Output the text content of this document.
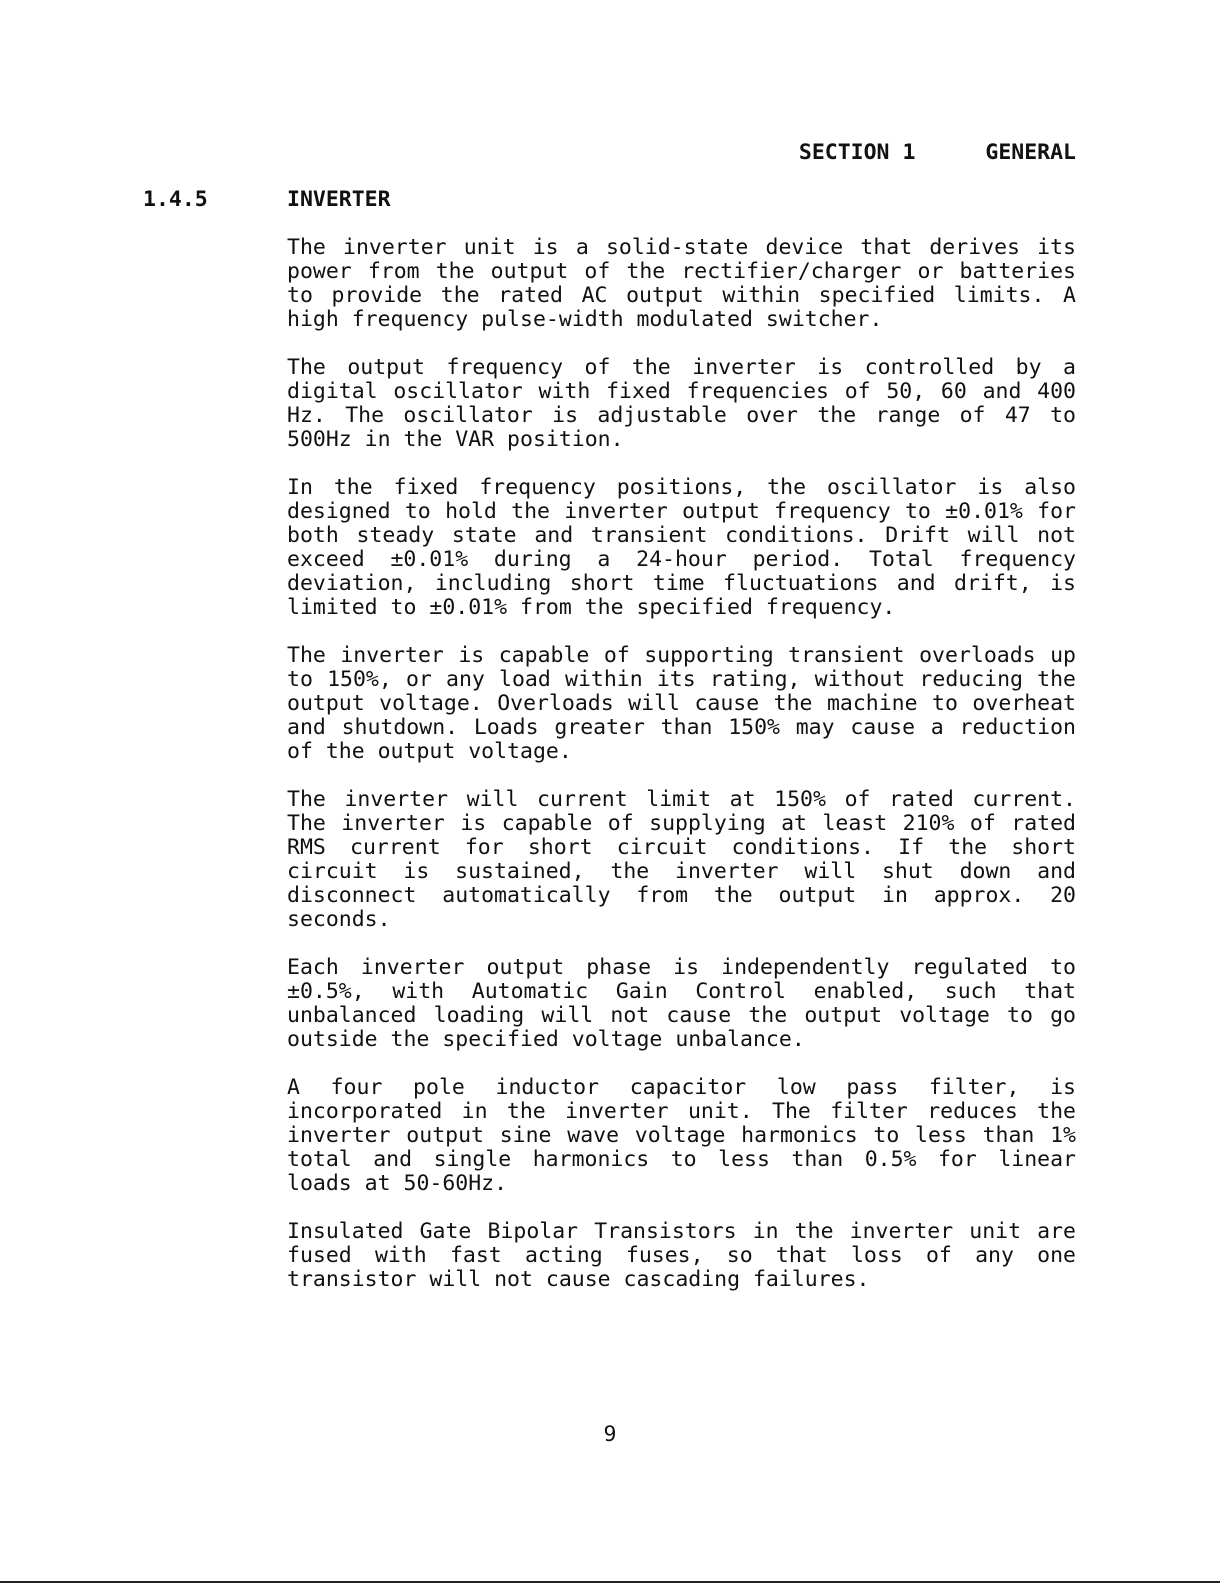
SECTION 1	GENERAL
1.4.5	INVERTER

The inverter unit is a solid-state device that derives its power from the output of the rectifier/charger or batteries to provide the rated AC output within specified limits. A high frequency pulse-width modulated switcher.

The output frequency of the inverter is controlled by a digital oscillator with fixed frequencies of 50, 60 and 400 Hz. The oscillator is adjustable over the range of 47 to 500Hz in the VAR position.

In the fixed frequency positions, the oscillator is also designed to hold the inverter output frequency to ±0.01% for both steady state and transient conditions. Drift will not exceed ±0.01% during a 24-hour period. Total frequency deviation, including short time fluctuations and drift, is limited to ±0.01% from the specified frequency.

The inverter is capable of supporting transient overloads up to 150%, or any load within its rating, without reducing the output voltage. Overloads will cause the machine to overheat and shutdown. Loads greater than 150% may cause a reduction of the output voltage.

The inverter will current limit at 150% of rated current. The inverter is capable of supplying at least 210% of rated RMS current for short circuit conditions. If the short circuit is sustained, the inverter will shut down and disconnect automatically from the output in approx. 20 seconds.

Each inverter output phase is independently regulated to ±0.5%, with Automatic Gain Control enabled, such that unbalanced loading will not cause the output voltage to go outside the specified voltage unbalance.

A four pole inductor capacitor low pass filter, is incorporated in the inverter unit. The filter reduces the inverter output sine wave voltage harmonics to less than 1% total and single harmonics to less than 0.5% for linear loads at 50-60Hz.

Insulated Gate Bipolar Transistors in the inverter unit are fused with fast acting fuses, so that loss of any one transistor will not cause cascading failures.

9
